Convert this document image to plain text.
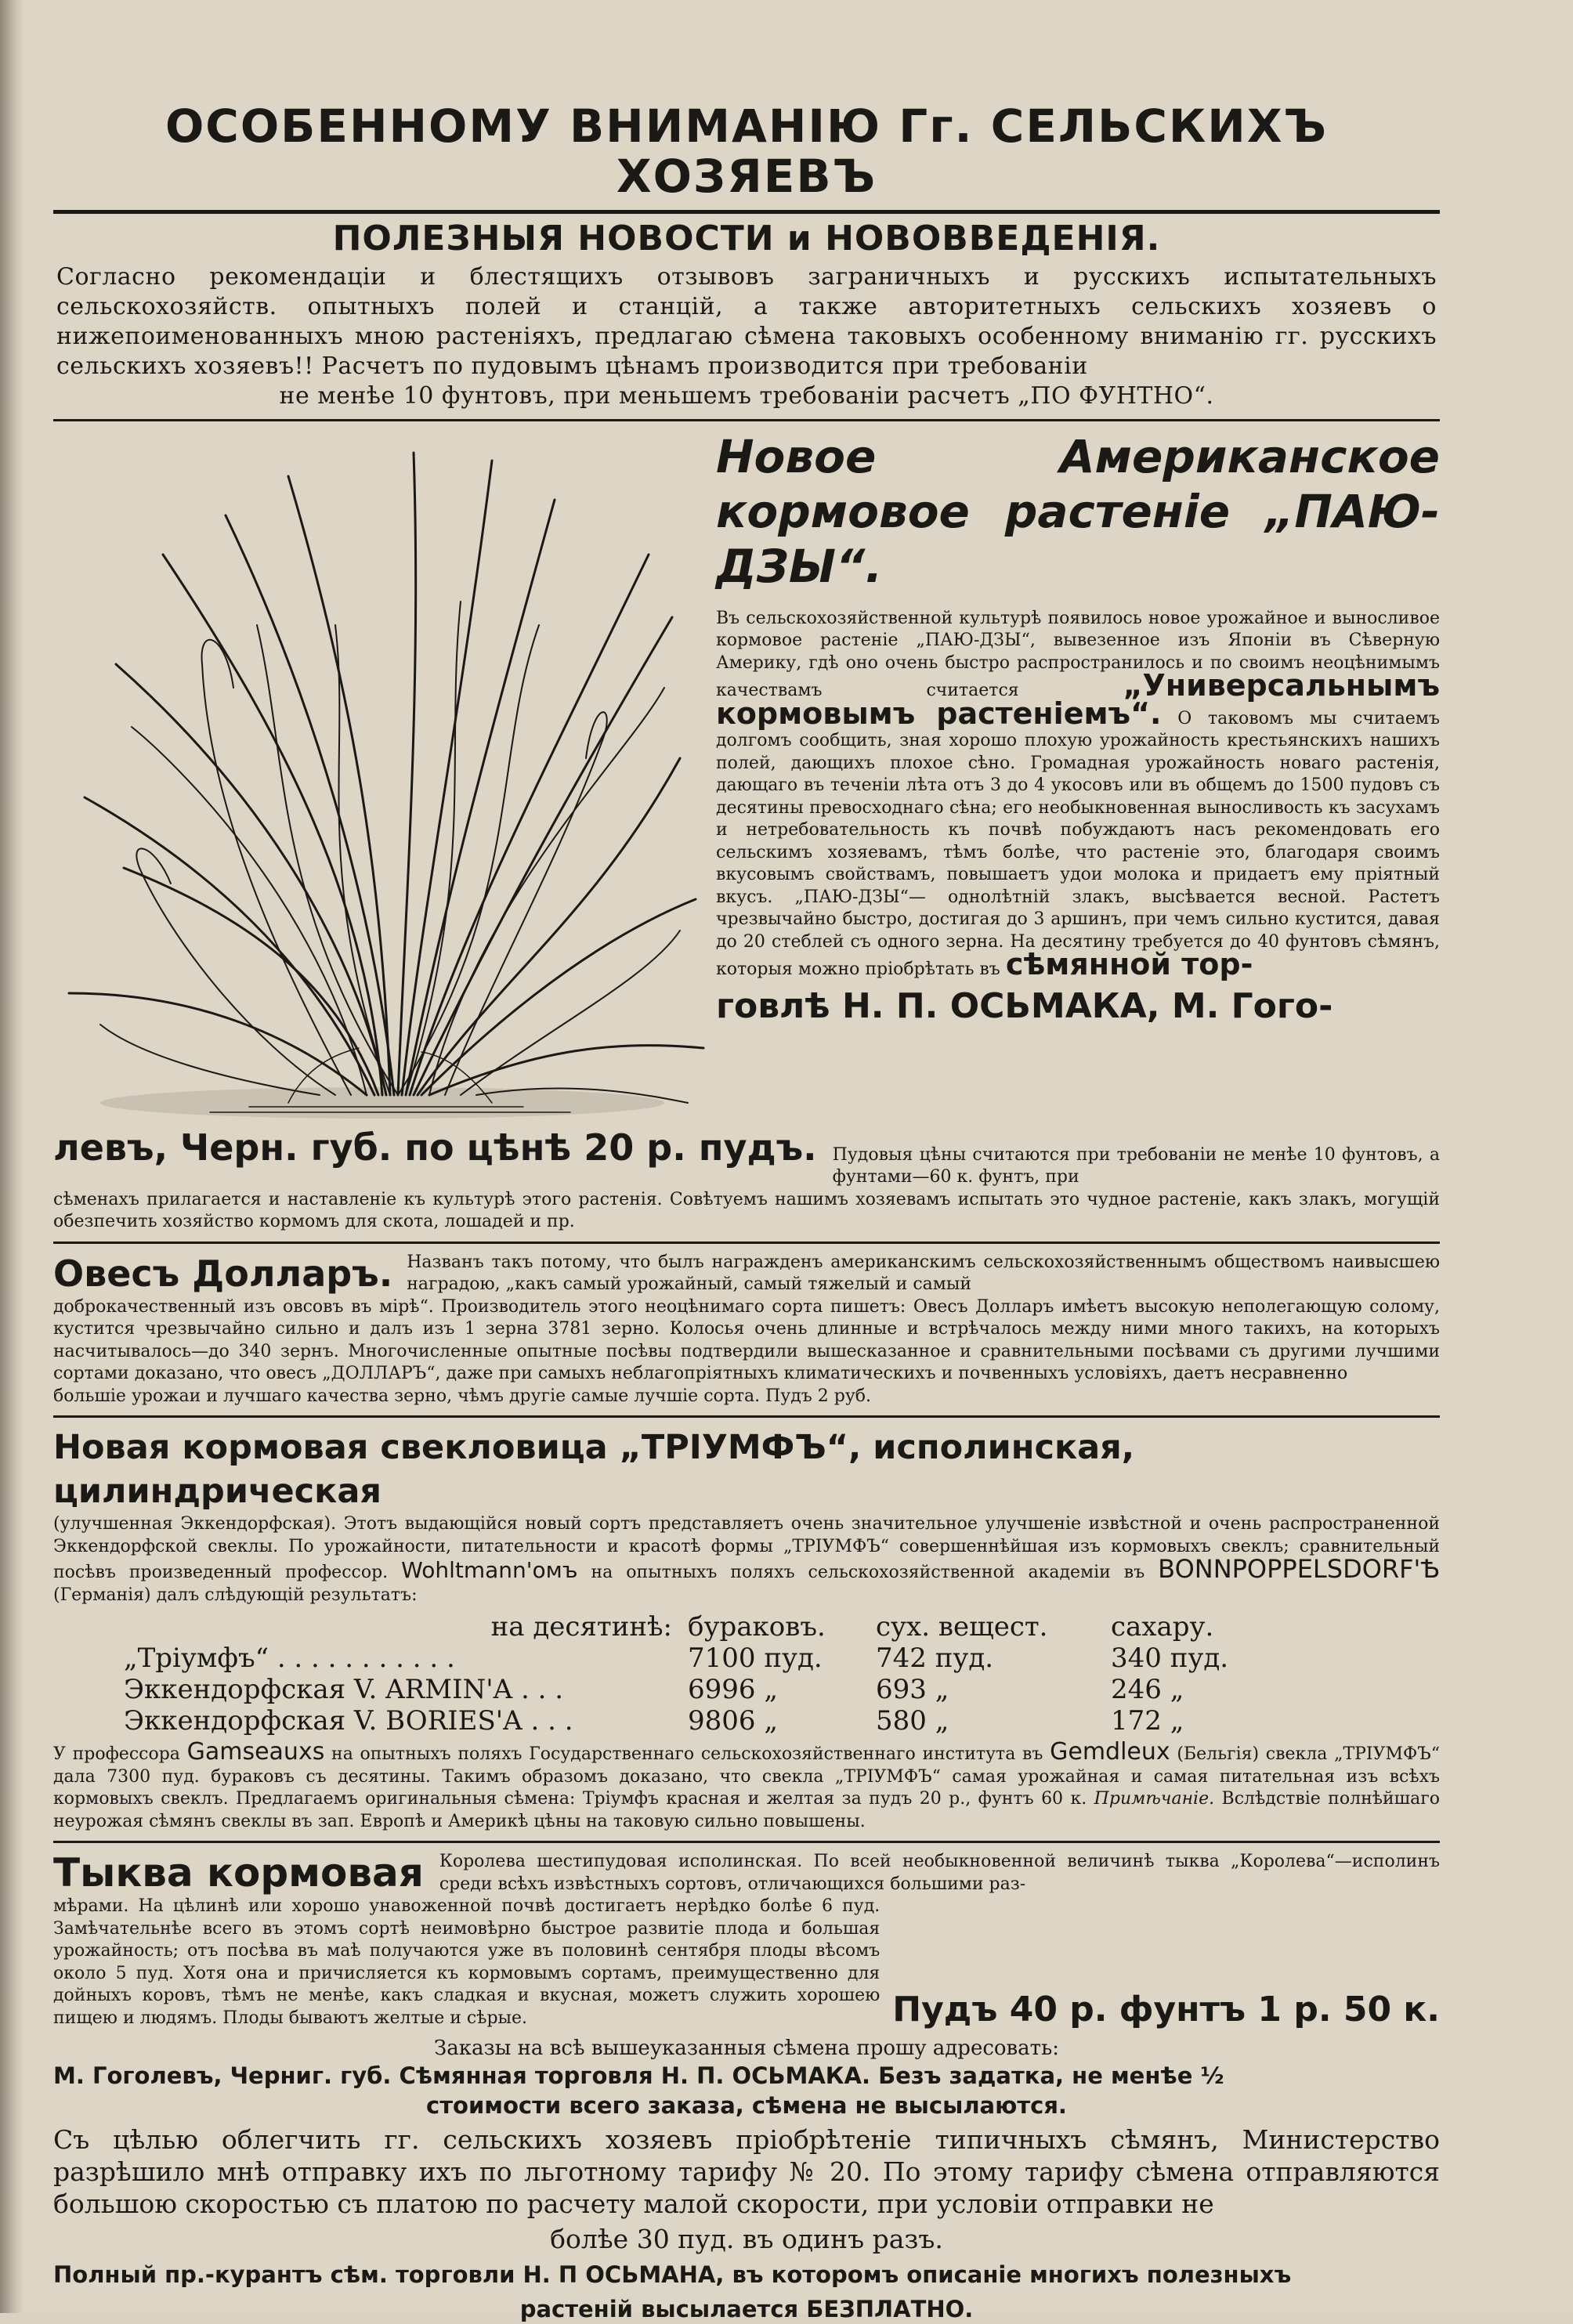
ОСОБЕННОМУ ВНИМАНІЮ Гг. СЕЛЬСКИХЪ ХОЗЯЕВЪ
ПОЛЕЗНЫЯ НОВОСТИ и НОВОВВЕДЕНІЯ.

Согласно рекомендаціи и блестящихъ отзывовъ заграничныхъ и русскихъ испытательныхъ сельскохозяйств. опытныхъ полей и станцій, а также авторитетныхъ сельскихъ хозяевъ о нижепоименованныхъ мною растеніяхъ, предлагаю сѣмена таковыхъ особенному вниманію гг. русскихъ сельскихъ хозяевъ!! Расчетъ по пудовымъ цѣнамъ производится при требованіи

не менѣе 10 фунтовъ, при меньшемъ требованіи расчетъ „ПО ФУНТНО“.

Новое Американское кормовое растеніе „ПАЮ-ДЗЫ“.

Въ сельскохозяйственной культурѣ появилось новое урожайное и выносливое кормовое растеніе „ПАЮ-ДЗЫ“, вывезенное изъ Японіи въ Сѣверную Америку, гдѣ оно очень быстро распространилось и по своимъ неоцѣнимымъ качествамъ считается	„Универсальнымъ кормовымъ растеніемъ“. О таковомъ мы считаемъ долгомъ сообщить, зная хорошо плохую урожайность крестьянскихъ нашихъ полей, дающихъ плохое сѣно. Громадная урожайность новаго растенія, дающаго въ теченіи лѣта отъ 3 до 4 укосовъ или въ общемъ до 1500 пудовъ съ десятины превосходнаго сѣна; его необыкновенная выносливость къ засухамъ и нетребовательность къ почвѣ побуждаютъ насъ рекомендовать его сельскимъ хозяевамъ, тѣмъ болѣе, что растеніе это, благодаря своимъ вкусовымъ свойствамъ, повышаетъ удои молока и придаетъ ему пріятный вкусъ. „ПАЮ-ДЗЫ“— однолѣтній злакъ, высѣвается весной. Растетъ чрезвычайно быстро, достигая до 3 аршинъ, при чемъ сильно кустится, давая до 20 стеблей съ одного зерна. На десятину требуется до 40 фунтовъ сѣмянъ, которыя можно пріобрѣтать въ сѣмянной тор-

говлѣ Н. П. ОСЬМАКА, М. Гого-

левъ, Черн. губ. по цѣнѣ 20 р. пудъ. Пудовыя цѣны считаются при требованіи не менѣе 10 фунтовъ, а фунтами—60 к. фунтъ, при

сѣменахъ прилагается и наставленіе къ культурѣ этого растенія. Совѣтуемъ нашимъ хозяевамъ испытать это чудное растеніе, какъ злакъ, могущій обезпечить хозяйство кормомъ для скота, лошадей и пр.

Овесъ Долларъ. Названъ такъ потому, что былъ награжденъ американскимъ сельскохозяйственнымъ обществомъ наивысшею наградою, „какъ самый урожайный, самый тяжелый и самый

доброкачественный изъ овсовъ въ мірѣ“. Производитель этого неоцѣнимаго сорта пишетъ: Овесъ Долларъ имѣетъ высокую неполегающую солому, кустится чрезвычайно сильно и далъ изъ 1 зерна 3781 зерно. Колосья очень длинные и встрѣчалось между ними много такихъ, на которыхъ насчитывалось—до 340 зернъ. Многочисленные опытные посѣвы подтвердили вышесказанное и сравнительными посѣвами съ другими лучшими сортами доказано, что овесъ „ДОЛЛАРЪ“, даже при самыхъ неблагопріятныхъ климатическихъ и почвенныхъ условіяхъ, даетъ несравненно

большіе урожаи и лучшаго качества зерно, чѣмъ другіе самые лучшіе сорта. Пудъ 2 руб.

Новая кормовая свекловица „ТРІУМФЪ“, исполинская, цилиндрическая

(улучшенная Эккендорфская). Этотъ выдающійся новый сортъ представляетъ очень значительное улучшеніе извѣстной и очень распространенной Эккендорфской свеклы. По урожайности, питательности и красотѣ формы „ТРІУМФЪ“ совершеннѣйшая изъ кормовыхъ свеклъ; сравнительный посѣвъ произведенный профессор. Wohltmann'омъ на опытныхъ поляхъ сельскохозяйственной академіи въ BONNPOPPELSDORF'Ѣ (Германія) далъ слѣдующій результатъ:

на десятинѣ: бураковъ.	сух. вещест.	сахару.
„Тріумфъ“ . . . . . . . . . . .	7100 пуд.	742 пуд.	340 пуд.
Эккендорфская V. ARMIN'A . . .	6996 „	693 „	246 „
Эккендорфская V. BORIES'A . . .	9806 „	580 „	172 „

У профессора Gamseauxs на опытныхъ поляхъ Государственнаго сельскохозяйственнаго института въ Gemdleux (Бельгія) свекла „ТРІУМФЪ“ дала 7300 пуд. бураковъ съ десятины. Такимъ образомъ доказано, что свекла „ТРІУМФЪ“ самая урожайная и самая питательная изъ всѣхъ кормовыхъ свеклъ. Предлагаемъ оригинальныя сѣмена: Тріумфъ красная и желтая за пудъ 20 р., фунтъ 60 к. Примѣчаніе. Вслѣдствіе полнѣйшаго неурожая сѣмянъ свеклы въ зап. Европѣ и Америкѣ цѣны на таковую сильно повышены.

Тыква кормовая Королева шестипудовая исполинская. По всей необыкновенной величинѣ тыква „Королева“—исполинъ среди всѣхъ извѣстныхъ сортовъ, отличающихся большими раз-

мѣрами. На цѣлинѣ или хорошо унавоженной почвѣ достигаетъ нерѣдко болѣе 6 пуд. Замѣчательнѣе всего въ этомъ сортѣ неимовѣрно быстрое развитіе плода и большая урожайность; отъ посѣва въ маѣ получаются уже въ половинѣ сентября плоды вѣсомъ около 5 пуд. Хотя она и причисляется къ кормовымъ сортамъ, преимущественно для дойныхъ коровъ, тѣмъ не менѣе, какъ сладкая и вкусная, можетъ служить хорошею пищею и людямъ. Плоды бываютъ желтые и сѣрые.	Пудъ 40 р. фунтъ 1 р. 50 к.

Заказы на всѣ вышеуказанныя сѣмена прошу адресовать:

М. Гоголевъ, Черниг. губ. Сѣмянная торговля Н. П. ОСЬМАКА. Безъ задатка, не менѣе ½

стоимости всего заказа, сѣмена не высылаются.

Съ цѣлью облегчить гг. сельскихъ хозяевъ пріобрѣтеніе типичныхъ сѣмянъ, Министерство разрѣшило мнѣ отправку ихъ по льготному тарифу № 20. По этому тарифу сѣмена отправляются большою скоростью съ платою по расчету малой скорости, при условіи отправки не

болѣе 30 пуд. въ одинъ разъ.

Полный пр.-курантъ сѣм. торговли Н. П ОСЬМАНА, въ которомъ описаніе многихъ полезныхъ

растеній высылается БЕЗПЛАТНО.
